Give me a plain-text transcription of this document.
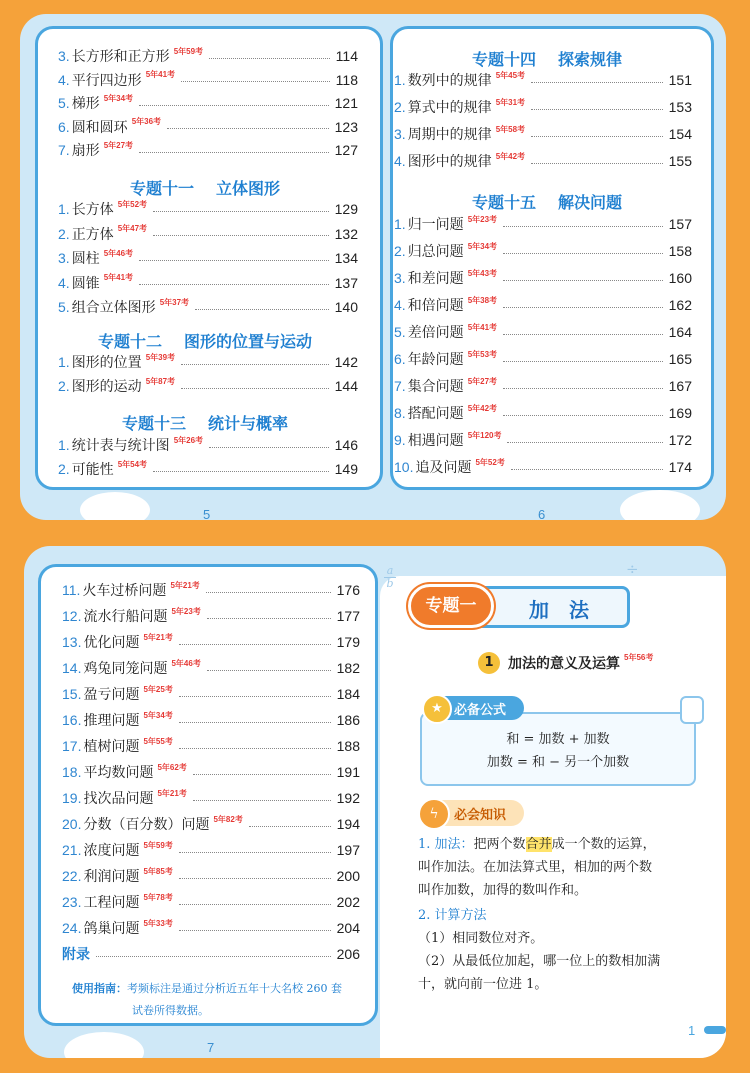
3. 长方形和正方形 5年59考	114
4. 平行四边形 5年41考	118
5. 梯形 5年34考	121
6. 圆和圆环 5年36考	123
7. 扇形 5年27考	127
1. 长方体 5年52考	129
2. 正方体 5年47考	132
3. 圆柱 5年46考	134
4. 圆锥 5年41考	137
5. 组合立体图形 5年37考	140
1. 图形的位置 5年39考	142
2. 图形的运动 5年87考	144
1. 统计表与统计图 5年26考	146
2. 可能性 5年54考	149
专题十一 立体图形
专题十二 图形的位置与运动
专题十三 统计与概率
5
专题十四 探索规律
专题十五 解决问题
1. 数列中的规律 5年45考	151
2. 算式中的规律 5年31考	153
3. 周期中的规律 5年58考	154
4. 图形中的规律 5年42考	155
1. 归一问题 5年23考	157
2. 归总问题 5年34考	158
3. 和差问题 5年43考	160
4. 和倍问题 5年38考	162
5. 差倍问题 5年41考	164
6. 年龄问题 5年53考	165
7. 集合问题 5年27考	167
8. 搭配问题 5年42考	169
9. 相遇问题 5年120考	172
10. 追及问题 5年52考	174
6
11. 火车过桥问题 5年21考	176
12. 流水行船问题 5年23考	177
13. 优化问题 5年21考	179
14. 鸡兔同笼问题 5年46考	182
15. 盈亏问题 5年25考	184
16. 推理问题 5年34考	186
17. 植树问题 5年55考	188
18. 平均数问题 5年62考	191
19. 找次品问题 5年21考	192
20. 分数（百分数）问题 5年82考	194
21. 浓度问题 5年59考	197
22. 利润问题 5年85考	200
23. 工程问题 5年78考	202
24. 鸽巢问题 5年33考	204
附录	206
使用指南：考频标注是通过分析近五年十大名校 260 套
试卷所得数据。
7
a
b
÷
加　法
专题一
1	加法的意义及运算 5年56考
★ 必备公式
和 = 加数 + 加数
加数 = 和 − 另一个加数
ϟ	必会知识
1. 加法：把两个数合并成一个数的运算，
叫作加法。在加法算式里，相加的两个数
叫作加数，加得的数叫作和。
2. 计算方法
（1）相同数位对齐。
（2）从最低位加起，哪一位上的数相加满
十，就向前一位进 1。
1
